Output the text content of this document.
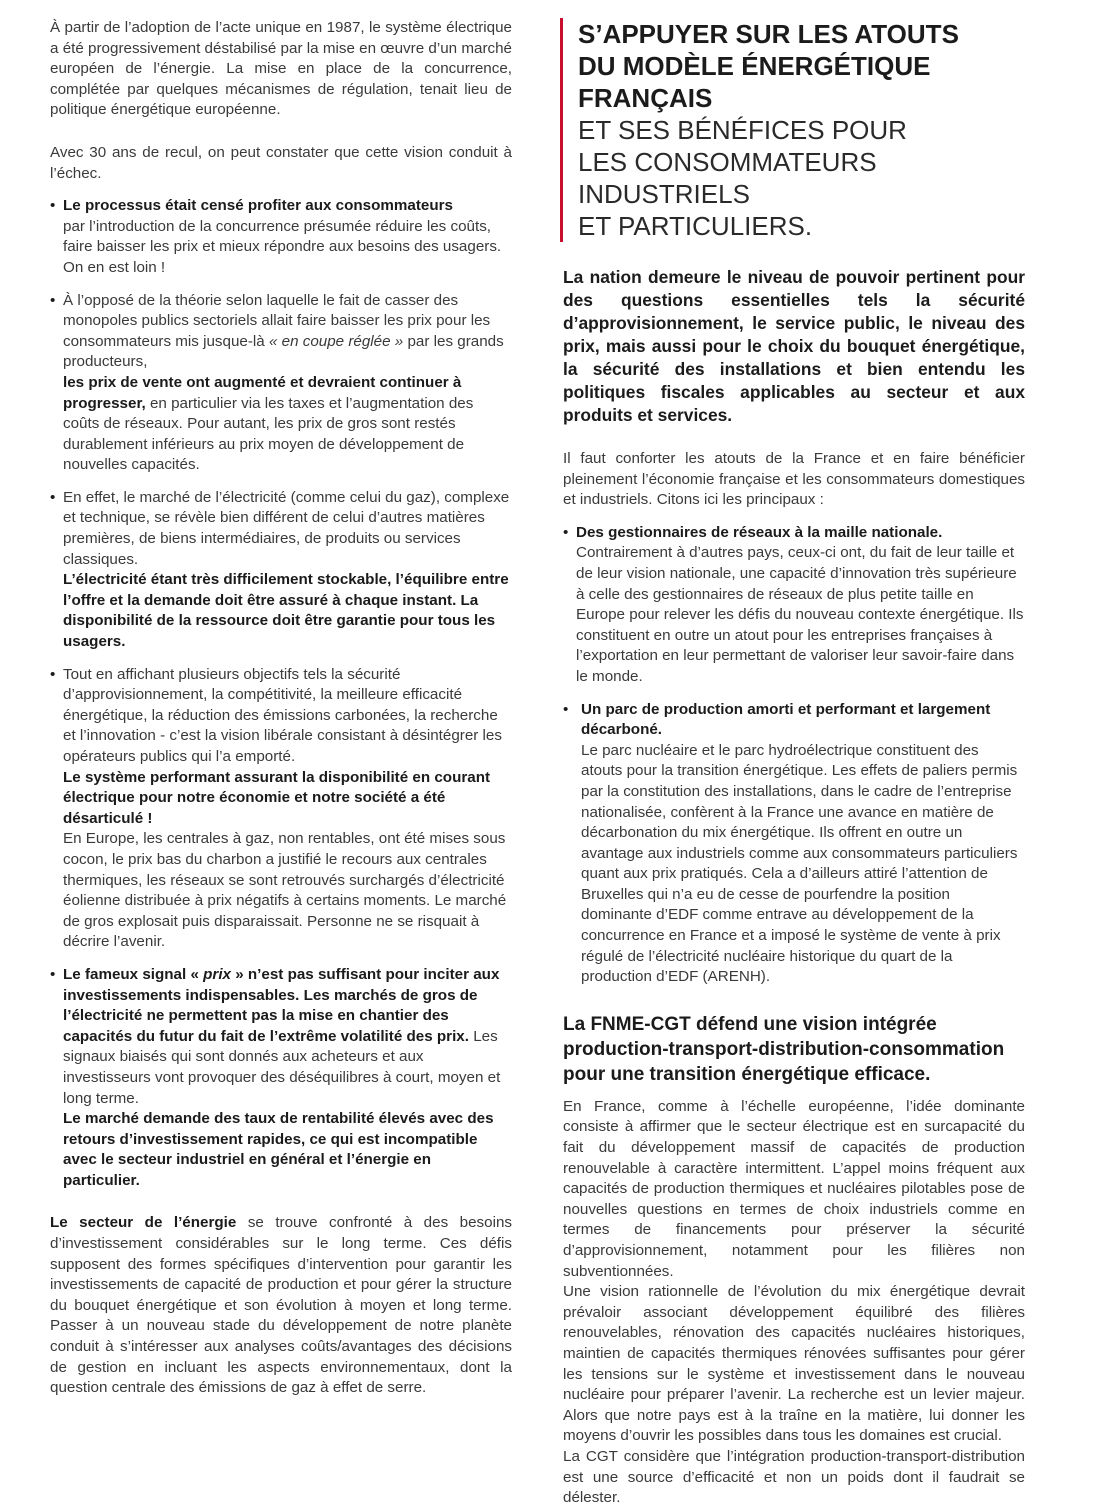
À partir de l’adoption de l’acte unique en 1987, le système électrique a été progressivement déstabilisé par la mise en œuvre d’un marché européen de l’énergie. La mise en place de la concurrence, complétée par quelques mécanismes de régulation, tenait lieu de politique énergétique européenne.

Avec 30 ans de recul, on peut constater que cette vision conduit à l’échec.

• Le processus était censé profiter aux consommateurs
par l’introduction de la concurrence présumée réduire les coûts, faire baisser les prix et mieux répondre aux besoins des usagers. On en est loin !

• À l’opposé de la théorie selon laquelle le fait de casser des monopoles publics sectoriels allait faire baisser les prix pour les consommateurs mis jusque-là « en coupe réglée » par les grands producteurs,
les prix de vente ont augmenté et devraient continuer à progresser, en particulier via les taxes et l’augmentation des coûts de réseaux. Pour autant, les prix de gros sont restés durablement inférieurs au prix moyen de développement de nouvelles capacités.

• En effet, le marché de l’électricité (comme celui du gaz), complexe et technique, se révèle bien différent de celui d’autres matières premières, de biens intermédiaires, de produits ou services classiques.
L’électricité étant très difficilement stockable, l’équilibre entre l’offre et la demande doit être assuré à chaque instant. La disponibilité de la ressource doit être garantie pour tous les usagers.

• Tout en affichant plusieurs objectifs tels la sécurité d’approvisionnement, la compétitivité, la meilleure efficacité énergétique, la réduction des émissions carbonées, la recherche et l’innovation - c’est la vision libérale consistant à désintégrer les opérateurs publics qui l’a emporté.
Le système performant assurant la disponibilité en courant électrique pour notre économie et notre société a été désarticulé !
En Europe, les centrales à gaz, non rentables, ont été mises sous cocon, le prix bas du charbon a justifié le recours aux centrales thermiques, les réseaux se sont retrouvés surchargés d’électricité éolienne distribuée à prix négatifs à certains moments. Le marché de gros explosait puis disparaissait. Personne ne se risquait à décrire l’avenir.

• Le fameux signal « prix » n’est pas suffisant pour inciter aux investissements indispensables. Les marchés de gros de l’électricité ne permettent pas la mise en chantier des capacités du futur du fait de l’extrême volatilité des prix. Les signaux biaisés qui sont donnés aux acheteurs et aux investisseurs vont provoquer des déséquilibres à court, moyen et long terme.
Le marché demande des taux de rentabilité élevés avec des retours d’investissement rapides, ce qui est incompatible avec le secteur industriel en général et l’énergie en particulier.

Le secteur de l’énergie se trouve confronté à des besoins d’investissement considérables sur le long terme. Ces défis supposent des formes spécifiques d’intervention pour garantir les investissements de capacité de production et pour gérer la structure du bouquet énergétique et son évolution à moyen et long terme. Passer à un nouveau stade du développement de notre planète conduit à s’intéresser aux analyses coûts/avantages des décisions de gestion en incluant les aspects environnementaux, dont la question centrale des émissions de gaz à effet de serre.

S’APPUYER SUR LES ATOUTS

DU MODÈLE ÉNERGÉTIQUE

FRANÇAIS

ET SES BÉNÉFICES POUR

LES CONSOMMATEURS INDUSTRIELS

ET PARTICULIERS.

La nation demeure le niveau de pouvoir pertinent pour des questions essentielles tels la sécurité d’approvisionnement, le service public, le niveau des prix, mais aussi pour le choix du bouquet énergétique, la sécurité des installations et bien entendu les politiques fiscales applicables au secteur et aux produits et services.

Il faut conforter les atouts de la France et en faire bénéficier pleinement l’économie française et les consommateurs domestiques et industriels. Citons ici les principaux :

• Des gestionnaires de réseaux à la maille nationale.
Contrairement à d’autres pays, ceux-ci ont, du fait de leur taille et de leur vision nationale, une capacité d’innovation très supérieure à celle des gestionnaires de réseaux de plus petite taille en Europe pour relever les défis du nouveau contexte énergétique. Ils constituent en outre un atout pour les entreprises françaises à l’exportation en leur permettant de valoriser leur savoir-faire dans le monde.

• Un parc de production amorti et performant et largement décarboné.
Le parc nucléaire et le parc hydroélectrique constituent des atouts pour la transition énergétique. Les effets de paliers permis par la constitution des installations, dans le cadre de l’entreprise nationalisée, confèrent à la France une avance en matière de décarbonation du mix énergétique. Ils offrent en outre un avantage aux industriels comme aux consommateurs particuliers quant aux prix pratiqués. Cela a d’ailleurs attiré l’attention de Bruxelles qui n’a eu de cesse de pourfendre la position dominante d’EDF comme entrave au développement de la concurrence en France et a imposé le système de vente à prix régulé de l’électricité nucléaire historique du quart de la production d’EDF (ARENH).

La FNME-CGT défend une vision intégrée production-transport-distribution-consommation pour une transition énergétique efficace.

En France, comme à l’échelle européenne, l’idée dominante consiste à affirmer que le secteur électrique est en surcapacité du fait du développement massif de capacités de production renouvelable à caractère intermittent. L’appel moins fréquent aux capacités de production thermiques et nucléaires pilotables pose de nouvelles questions en termes de choix industriels comme en termes de financements pour préserver la sécurité d’approvisionnement, notamment pour les filières non subventionnées.

Une vision rationnelle de l’évolution du mix énergétique devrait prévaloir associant développement équilibré des filières renouvelables, rénovation des capacités nucléaires historiques, maintien de capacités thermiques rénovées suffisantes pour gérer les tensions sur le système et investissement dans le nouveau nucléaire pour préparer l’avenir. La recherche est un levier majeur. Alors que notre pays est à la traîne en la matière, lui donner les moyens d’ouvrir les possibles dans tous les domaines est crucial.

La CGT considère que l’intégration production-transport-distribution est une source d’efficacité et non un poids dont il faudrait se délester.
